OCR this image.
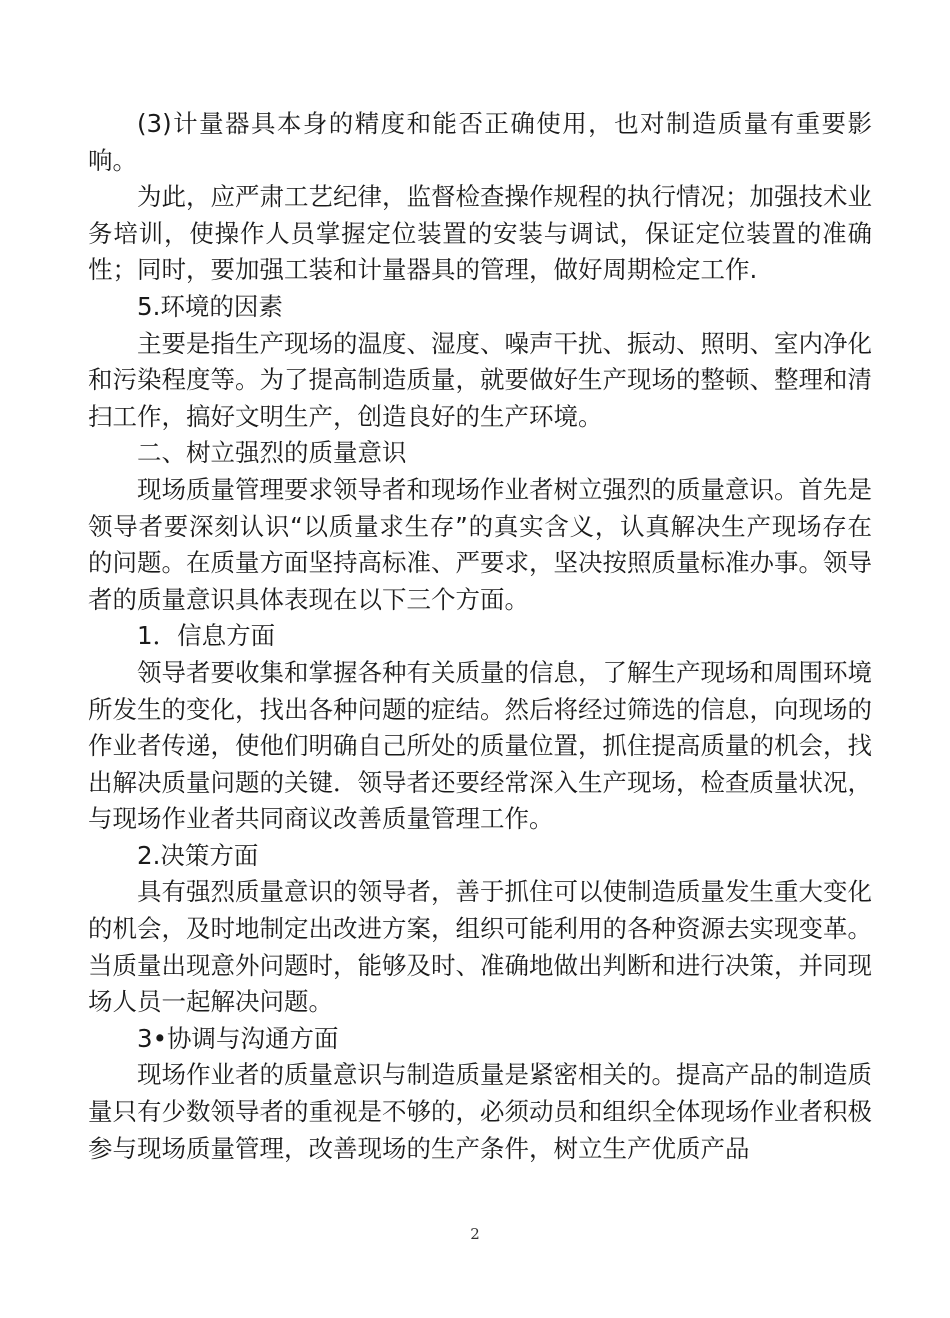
(3)计量器具本身的精度和能否正确使用，也对制造质量有重要影响。

为此，应严肃工艺纪律，监督检查操作规程的执行情况；加强技术业务培训，使操作人员掌握定位装置的安装与调试，保证定位装置的准确性；同时，要加强工装和计量器具的管理，做好周期检定工作.

5.环境的因素

主要是指生产现场的温度、湿度、噪声干扰、振动、照明、室内净化和污染程度等。为了提高制造质量，就要做好生产现场的整顿、整理和清扫工作，搞好文明生产，创造良好的生产环境。

二、树立强烈的质量意识

现场质量管理要求领导者和现场作业者树立强烈的质量意识。首先是领导者要深刻认识“以质量求生存”的真实含义，认真解决生产现场存在的问题。在质量方面坚持高标准、严要求，坚决按照质量标准办事。领导者的质量意识具体表现在以下三个方面。

1．信息方面

领导者要收集和掌握各种有关质量的信息，了解生产现场和周围环境所发生的变化，找出各种问题的症结。然后将经过筛选的信息，向现场的作业者传递，使他们明确自己所处的质量位置，抓住提高质量的机会，找出解决质量问题的关键．领导者还要经常深入生产现场，检查质量状况，与现场作业者共同商议改善质量管理工作。

2.决策方面

具有强烈质量意识的领导者，善于抓住可以使制造质量发生重大变化的机会，及时地制定出改进方案，组织可能利用的各种资源去实现变革。当质量出现意外问题时，能够及时、准确地做出判断和进行决策，并同现场人员一起解决问题。

3•协调与沟通方面

现场作业者的质量意识与制造质量是紧密相关的。提高产品的制造质量只有少数领导者的重视是不够的，必须动员和组织全体现场作业者积极参与现场质量管理，改善现场的生产条件，树立生产优质产品

2
